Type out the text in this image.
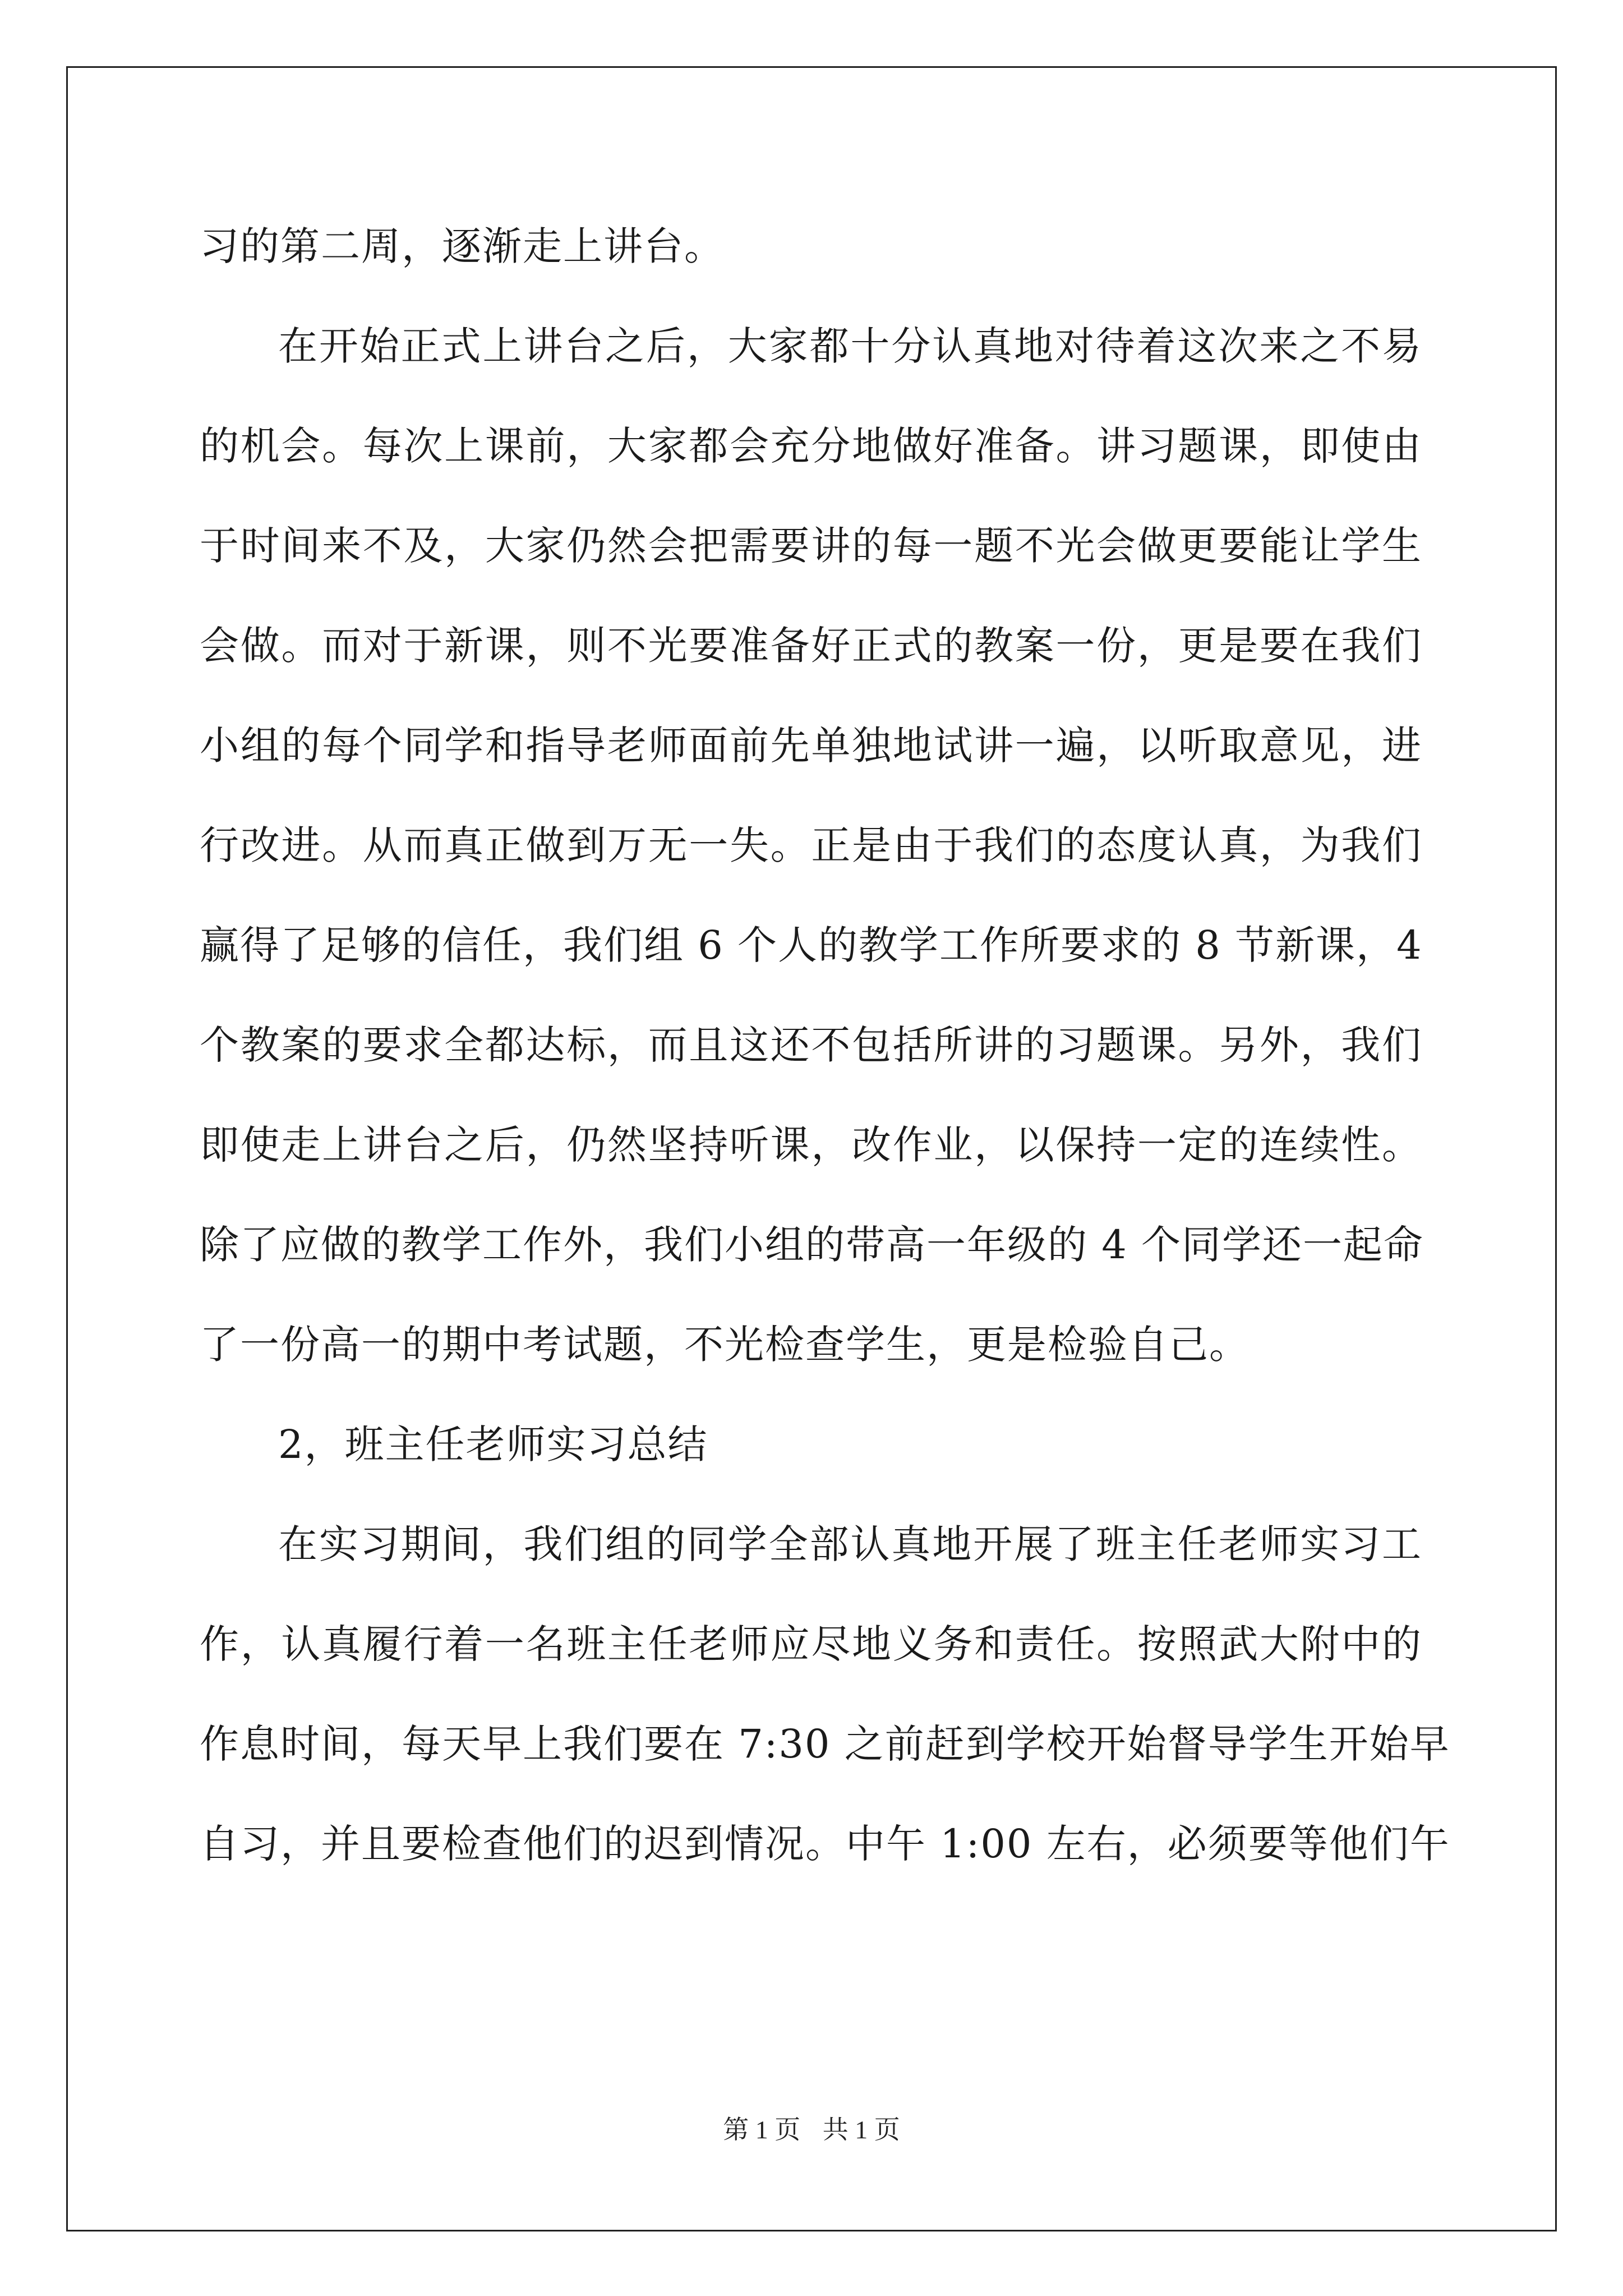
习的第二周，逐渐走上讲台。
在开始正式上讲台之后，大家都十分认真地对待着这次来之不易
的机会。每次上课前，大家都会充分地做好准备。讲习题课，即使由
于时间来不及，大家仍然会把需要讲的每一题不光会做更要能让学生
会做。而对于新课，则不光要准备好正式的教案一份，更是要在我们
小组的每个同学和指导老师面前先单独地试讲一遍，以听取意见，进
行改进。从而真正做到万无一失。正是由于我们的态度认真，为我们
赢得了足够的信任，我们组 6 个人的教学工作所要求的 8 节新课，4
个教案的要求全都达标，而且这还不包括所讲的习题课。另外，我们
即使走上讲台之后，仍然坚持听课，改作业，以保持一定的连续性。
除了应做的教学工作外，我们小组的带高一年级的 4 个同学还一起命
了一份高一的期中考试题，不光检查学生，更是检验自己。
2，班主任老师实习总结
在实习期间，我们组的同学全部认真地开展了班主任老师实习工
作，认真履行着一名班主任老师应尽地义务和责任。按照武大附中的
作息时间，每天早上我们要在 7:30 之前赶到学校开始督导学生开始早
自习，并且要检查他们的迟到情况。中午 1:00 左右，必须要等他们午
第 1 页 共 1 页
